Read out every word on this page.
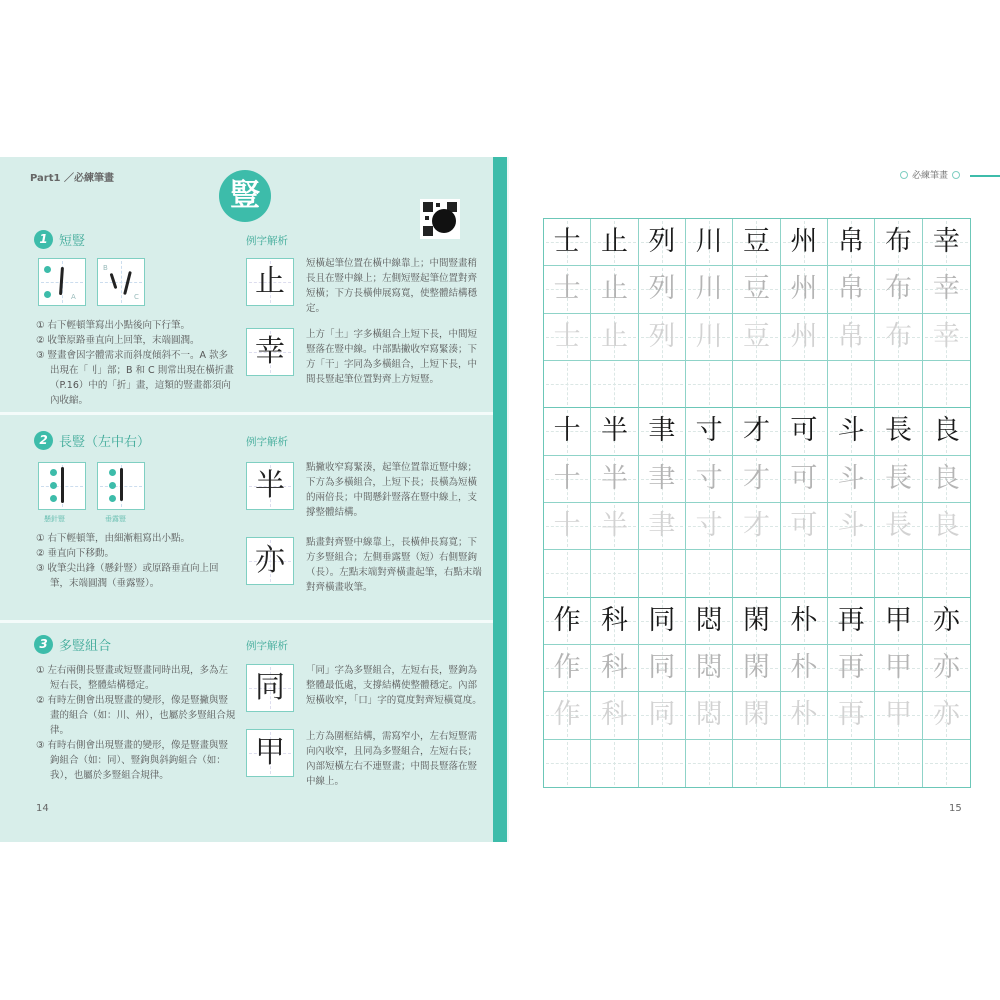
Part1 ／必練筆畫	豎
1 短豎	例字解析
A
B
C
① 右下輕頓筆寫出小點後向下行筆。
② 收筆原路垂直向上回筆，末端圓潤。
③ 豎畫會因字體需求而斜度傾斜不一。A 款多出現在「刂」部；B 和 C 則常出現在橫折畫（P.16）中的「折」畫，這類的豎畫都須向內收縮。
止
短橫起筆位置在橫中線靠上；中間豎畫稍長且在豎中線上；左側短豎起筆位置對齊短橫；下方長橫伸展寫寬，使整體結構穩定。
幸	上方「土」字多橫組合上短下長，中間短豎落在豎中線。中部點撇收窄寫緊湊；下方「干」字同為多橫組合，上短下長，中間長豎起筆位置對齊上方短豎。
2 長豎（左中右）	例字解析
懸針豎	垂露豎
① 右下輕頓筆，由細漸粗寫出小點。
② 垂直向下移動。
③ 收筆尖出鋒（懸針豎）或原路垂直向上回筆，末端圓潤（垂露豎）。
半
點撇收窄寫緊湊，起筆位置靠近豎中線；下方為多橫組合，上短下長；長橫為短橫的兩倍長；中間懸針豎落在豎中線上，支撐整體結構。
亦
點畫對齊豎中線靠上，長橫伸長寫寬；下方多豎組合；左側垂露豎（短）右側豎鉤（長）。左點末端對齊橫畫起筆，右點末端對齊橫畫收筆。
3 多豎組合	例字解析
① 左右兩側長豎畫或短豎畫同時出現，多為左短右長，整體結構穩定。
② 有時左側會出現豎畫的變形，像是豎撇與豎畫的組合（如：川、州），也屬於多豎組合規律。
③ 有時右側會出現豎畫的變形，像是豎畫與豎鉤組合（如：同）、豎鉤與斜鉤組合（如：我），也屬於多豎組合規律。
同	「同」字為多豎組合，左短右長，豎鉤為整體最低處，支撐結構使整體穩定。內部短橫收窄，「口」字的寬度對齊短橫寬度。
甲	上方為圍框結構，需寫窄小，左右短豎需向內收窄，且同為多豎組合，左短右長；內部短橫左右不連豎畫；中間長豎落在豎中線上。
14
必練筆畫
士 止 列 川 豆 州 帛 布 幸
士 止 列 川 豆 州 帛 布 幸
士 止 列 川 豆 州 帛 布 幸
十 半 聿 寸 才 可 斗 長 良
十 半 聿 寸 才 可 斗 長 良
十 半 聿 寸 才 可 斗 長 良
作 科 同 悶 閑 朴 再 甲 亦
作 科 同 悶 閑 朴 再 甲 亦
作 科 同 悶 閑 朴 再 甲 亦
15
